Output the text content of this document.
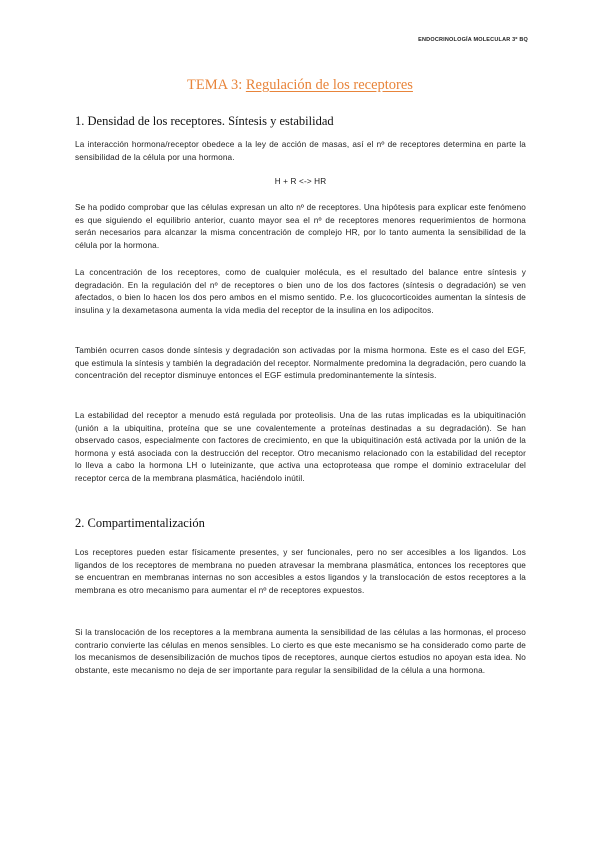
ENDOCRINOLOGÍA MOLECULAR 3º BQ
TEMA 3: Regulación de los receptores
1. Densidad de los receptores. Síntesis y estabilidad

La interacción hormona/receptor obedece a la ley de acción de masas, así el nº de receptores determina en parte la sensibilidad de la célula por una hormona.

H + R <-> HR

Se ha podido comprobar que las células expresan un alto nº de receptores. Una hipótesis para explicar este fenómeno es que siguiendo el equilibrio anterior, cuanto mayor sea el nº de receptores menores requerimientos de hormona serán necesarios para alcanzar la misma concentración de complejo HR, por lo tanto aumenta la sensibilidad de la célula por la hormona.

La concentración de los receptores, como de cualquier molécula, es el resultado del balance entre síntesis y degradación. En la regulación del nº de receptores o bien uno de los dos factores (síntesis o degradación) se ven afectados, o bien lo hacen los dos pero ambos en el mismo sentido. P.e. los glucocorticoides aumentan la síntesis de insulina y la dexametasona aumenta la vida media del receptor de la insulina en los adipocitos.

También ocurren casos donde síntesis y degradación son activadas por la misma hormona. Este es el caso del EGF, que estimula la síntesis y también la degradación del receptor. Normalmente predomina la degradación, pero cuando la concentración del receptor disminuye entonces el EGF estimula predominantemente la síntesis.

La estabilidad del receptor a menudo está regulada por proteolisis. Una de las rutas implicadas es la ubiquitinación (unión a la ubiquitina, proteína que se une covalentemente a proteínas destinadas a su degradación). Se han observado casos, especialmente con factores de crecimiento, en que la ubiquitinación está activada por la unión de la hormona y está asociada con la destrucción del receptor. Otro mecanismo relacionado con la estabilidad del receptor lo lleva a cabo la hormona LH o luteinizante, que activa una ectoproteasa que rompe el dominio extracelular del receptor cerca de la membrana plasmática, haciéndolo inútil.

2. Compartimentalización

Los receptores pueden estar físicamente presentes, y ser funcionales, pero no ser accesibles a los ligandos. Los ligandos de los receptores de membrana no pueden atravesar la membrana plasmática, entonces los receptores que se encuentran en membranas internas no son accesibles a estos ligandos y la translocación de estos receptores a la membrana es otro mecanismo para aumentar el nº de receptores expuestos.

Si la translocación de los receptores a la membrana aumenta la sensibilidad de las células a las hormonas, el proceso contrario convierte las células en menos sensibles. Lo cierto es que este mecanismo se ha considerado como parte de los mecanismos de desensibilización de muchos tipos de receptores, aunque ciertos estudios no apoyan esta idea. No obstante, este mecanismo no deja de ser importante para regular la sensibilidad de la célula a una hormona.
